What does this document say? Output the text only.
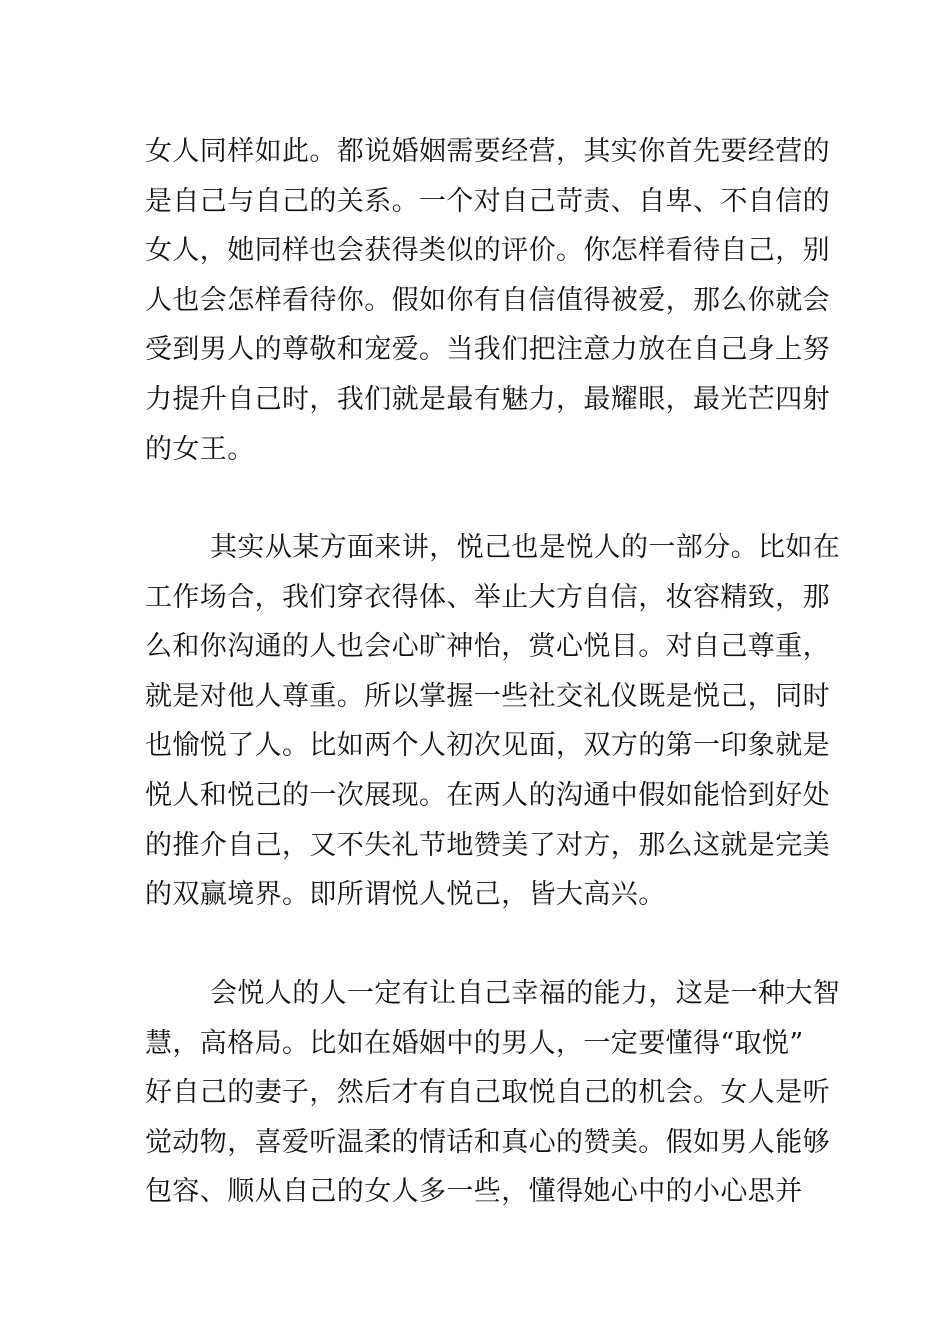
女人同样如此。都说婚姻需要经营，其实你首先要经营的
是自己与自己的关系。一个对自己苛责、自卑、不自信的
女人，她同样也会获得类似的评价。你怎样看待自己，别
人也会怎样看待你。假如你有自信值得被爱，那么你就会
受到男人的尊敬和宠爱。当我们把注意力放在自己身上努
力提升自己时，我们就是最有魅力，最耀眼，最光芒四射
的女王。
其实从某方面来讲，悦己也是悦人的一部分。比如在
工作场合，我们穿衣得体、举止大方自信，妆容精致，那
么和你沟通的人也会心旷神怡，赏心悦目。对自己尊重，
就是对他人尊重。所以掌握一些社交礼仪既是悦己，同时
也愉悦了人。比如两个人初次见面，双方的第一印象就是
悦人和悦己的一次展现。在两人的沟通中假如能恰到好处
的推介自己，又不失礼节地赞美了对方，那么这就是完美
的双赢境界。即所谓悦人悦己，皆大高兴。
会悦人的人一定有让自己幸福的能力，这是一种大智
慧，高格局。比如在婚姻中的男人，一定要懂得“取悦”
好自己的妻子，然后才有自己取悦自己的机会。女人是听
觉动物，喜爱听温柔的情话和真心的赞美。假如男人能够
包容、顺从自己的女人多一些，懂得她心中的小心思并
